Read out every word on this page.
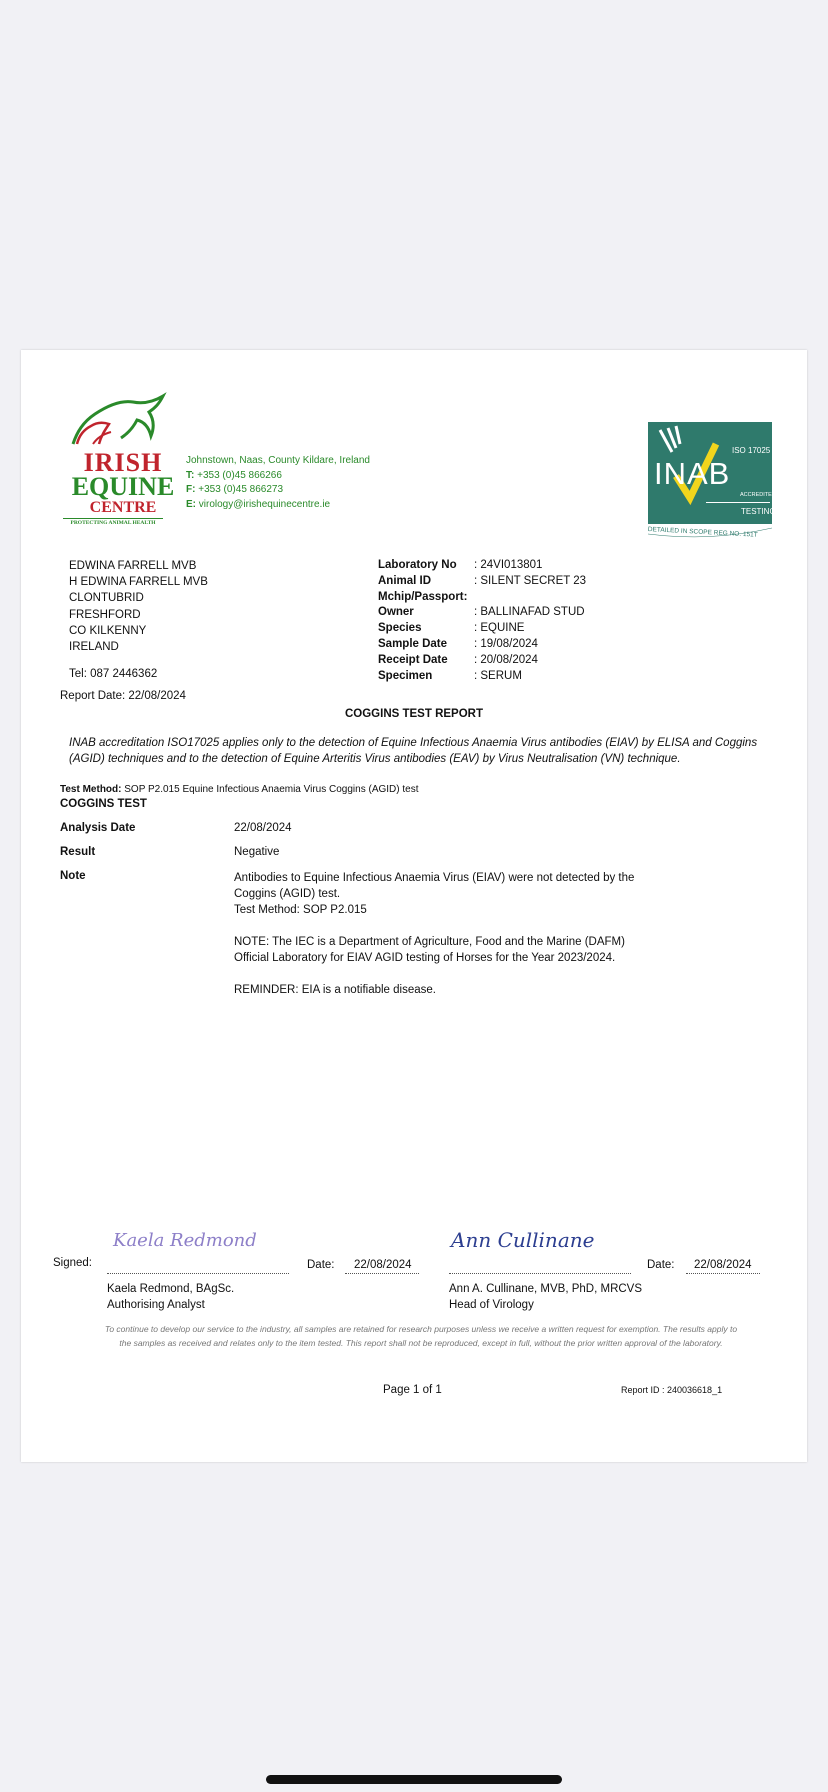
IRISH
EQUINE
CENTRE
PROTECTING ANIMAL HEALTH
Johnstown, Naas, County Kildare, Ireland
T: +353 (0)45 866266
F: +353 (0)45 866273
E: virology@irishequinecentre.ie
ISO 17025
INAB
ACCREDITED
TESTING
DETAILED IN SCOPE REG NO. 151T
EDWINA FARRELL MVB
H EDWINA FARRELL MVB
CLONTUBRID
FRESHFORD
CO KILKENNY
IRELAND
Tel: 087 2446362
Report Date: 22/08/2024
Laboratory No	: 24VI013801
Animal ID	: SILENT SECRET 23
Mchip/Passport:
Owner	: BALLINAFAD STUD
Species	: EQUINE
Sample Date	: 19/08/2024
Receipt Date	: 20/08/2024
Specimen	: SERUM
COGGINS TEST REPORT
INAB accreditation ISO17025 applies only to the detection of Equine Infectious Anaemia Virus antibodies (EIAV) by ELISA and Coggins (AGID) techniques and to the detection of Equine Arteritis Virus antibodies (EAV) by Virus Neutralisation (VN) technique.
Test Method: SOP P2.015 Equine Infectious Anaemia Virus Coggins (AGID) test
COGGINS TEST
Analysis Date	22/08/2024
Result	Negative
Note	Antibodies to Equine Infectious Anaemia Virus (EIAV) were not detected by the Coggins (AGID) test.
Test Method: SOP P2.015
NOTE: The IEC is a Department of Agriculture, Food and the Marine (DAFM) Official Laboratory for EIAV AGID testing of Horses for the Year 2023/2024.
REMINDER: EIA is a notifiable disease.
Signed:
Kaela Redmond
Date: 22/08/2024
Kaela Redmond, BAgSc.
Authorising Analyst
Ann Cullinane
Date: 22/08/2024
Ann A. Cullinane, MVB, PhD, MRCVS
Head of Virology
To continue to develop our service to the industry, all samples are retained for research purposes unless we receive a written request for exemption. The results apply to the samples as received and relates only to the item tested. This report shall not be reproduced, except in full, without the prior written approval of the laboratory.
Page 1 of 1	Report ID : 240036618_1
